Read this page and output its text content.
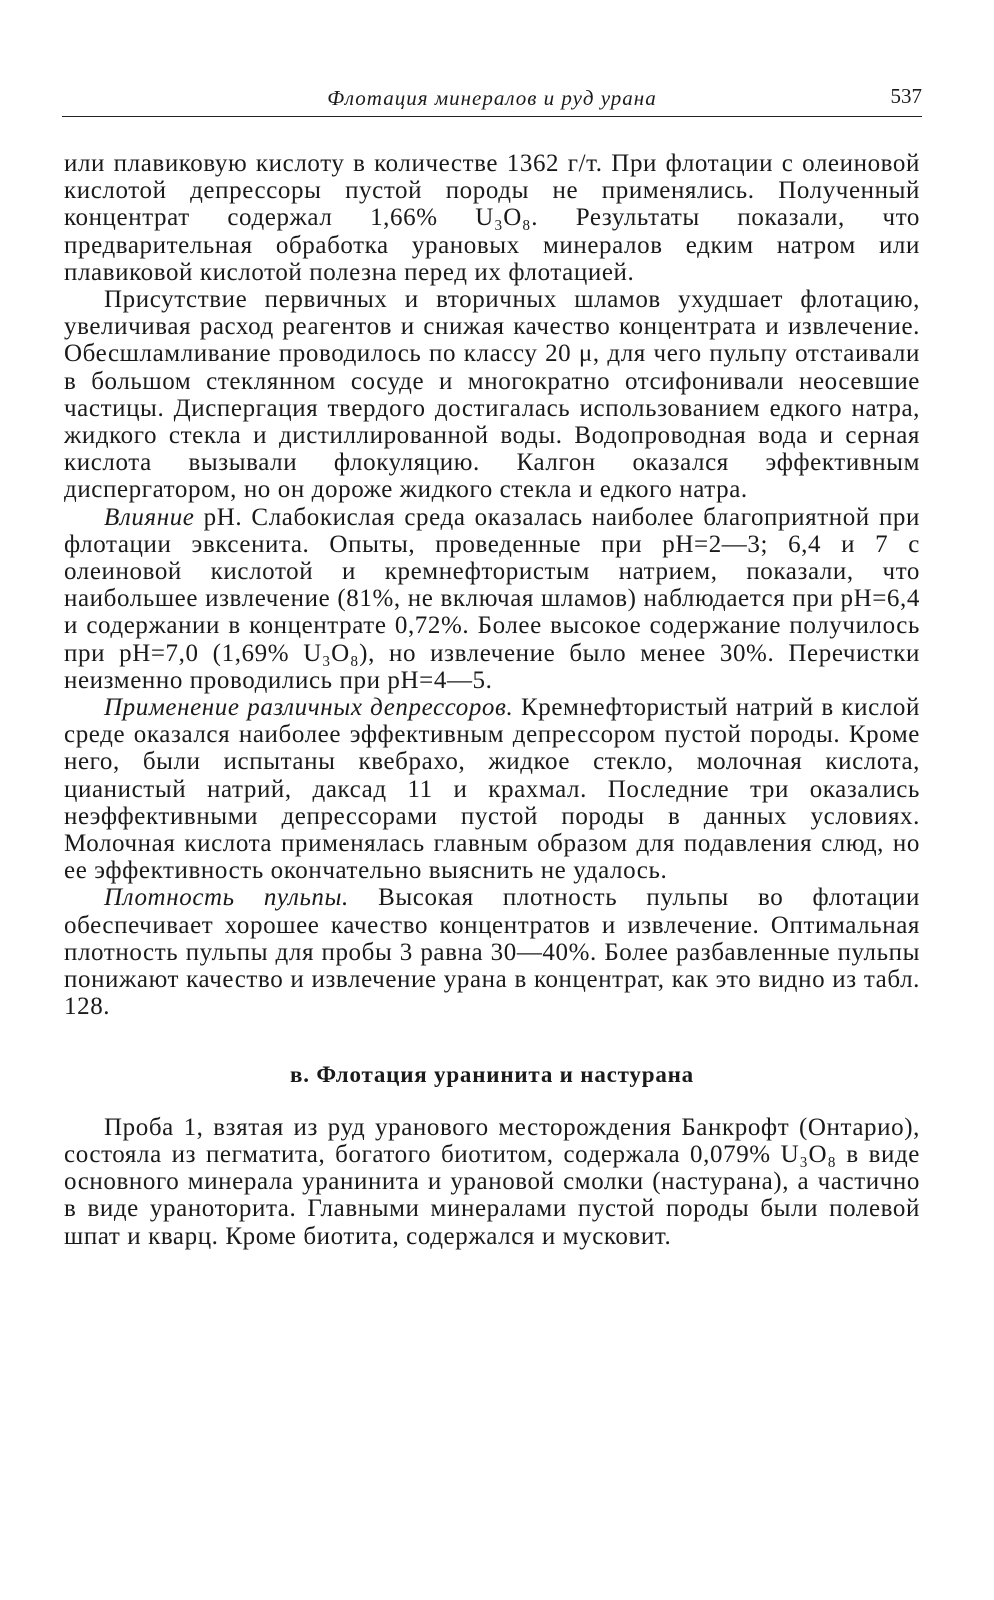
Флотация минералов и руд урана	537

или плавиковую кислоту в количестве 1362 г/т. При флотации с олеиновой кислотой депрессоры пустой породы не применялись. Полученный концентрат содержал 1,66% U₃O₈. Результаты показали, что предварительная обработка урановых минералов едким натром или плавиковой кислотой полезна перед их флотацией.

Присутствие первичных и вторичных шламов ухудшает флотацию, увеличивая расход реагентов и снижая качество концентрата и извлечение. Обесшламливание проводилось по классу 20 μ, для чего пульпу отстаивали в большом стеклянном сосуде и многократно отсифонивали неосевшие частицы. Диспергация твердого достигалась использованием едкого натра, жидкого стекла и дистиллированной воды. Водопроводная вода и серная кислота вызывали флокуляцию. Калгон оказался эффективным диспергатором, но он дороже жидкого стекла и едкого натра.

Влияние pH. Слабокислая среда оказалась наиболее благоприятной при флотации эвксенита. Опыты, проведенные при pH=2—3; 6,4 и 7 с олеиновой кислотой и кремнефтористым натрием, показали, что наибольшее извлечение (81%, не включая шламов) наблюдается при pH=6,4 и содержании в концентрате 0,72%. Более высокое содержание получилось при pH=7,0 (1,69% U₃O₈), но извлечение было менее 30%. Перечистки неизменно проводились при pH=4—5.

Применение различных депрессоров. Кремнефтористый натрий в кислой среде оказался наиболее эффективным депрессором пустой породы. Кроме него, были испытаны квебрахо, жидкое стекло, молочная кислота, цианистый натрий, даксад 11 и крахмал. Последние три оказались неэффективными депрессорами пустой породы в данных условиях. Молочная кислота применялась главным образом для подавления слюд, но ее эффективность окончательно выяснить не удалось.

Плотность пульпы. Высокая плотность пульпы во флотации обеспечивает хорошее качество концентратов и извлечение. Оптимальная плотность пульпы для пробы 3 равна 30—40%. Более разбавленные пульпы понижают качество и извлечение урана в концентрат, как это видно из табл. 128.

в. Флотация уранинита и настурана

Проба 1, взятая из руд уранового месторождения Банкрофт (Онтарио), состояла из пегматита, богатого биотитом, содержала 0,079% U₃O₈ в виде основного минерала уранинита и урановой смолки (настурана), а частично в виде ураноторита. Главными минералами пустой породы были полевой шпат и кварц. Кроме биотита, содержался и мусковит.
